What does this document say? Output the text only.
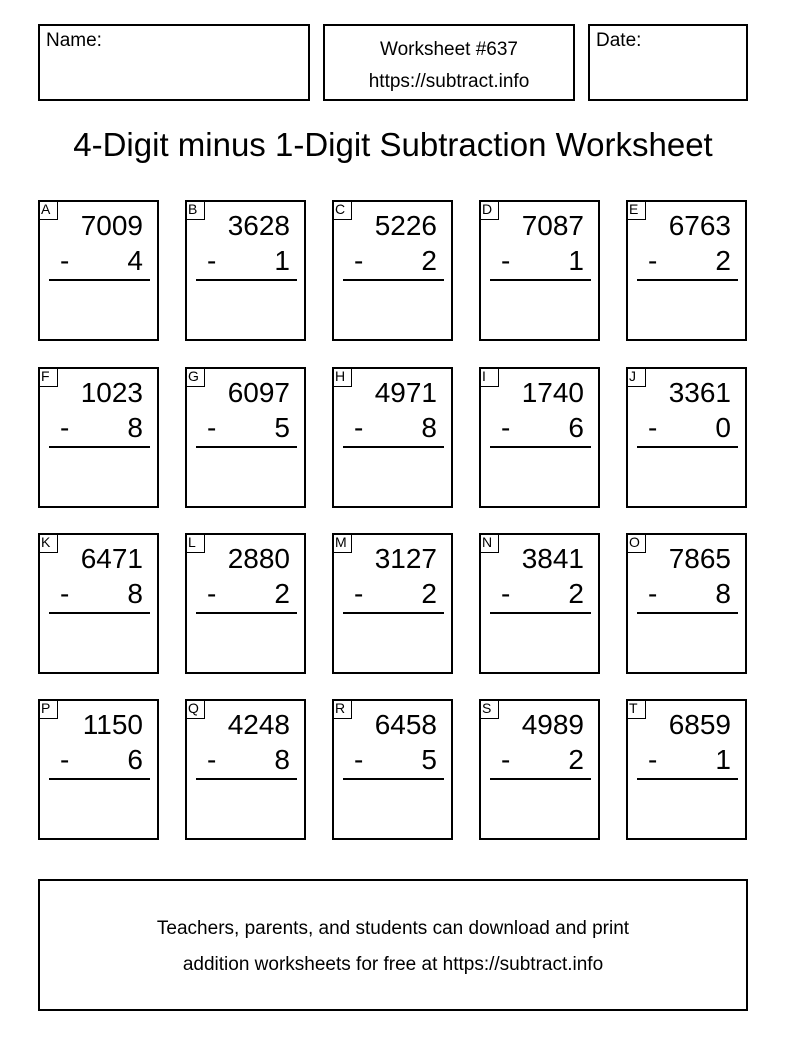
Name:	Worksheet #637
https://subtract.info
Date:
4-Digit minus 1-Digit Subtraction Worksheet
A
7009
- 4
B
3628
- 1
C
5226
- 2
D
7087
- 1
E
6763
- 2
F
1023
- 8
G
6097
- 5
H
4971
- 8
I
1740
- 6
J
3361
- 0
K
6471
- 8
L
2880
- 2
M
3127
- 2
N
3841
- 2
O
7865
- 8
P
1150
- 6
Q
4248
- 8
R
6458
- 5
S
4989
- 2
T
6859
- 1
Teachers, parents, and students can download and print
addition worksheets for free at https://subtract.info
